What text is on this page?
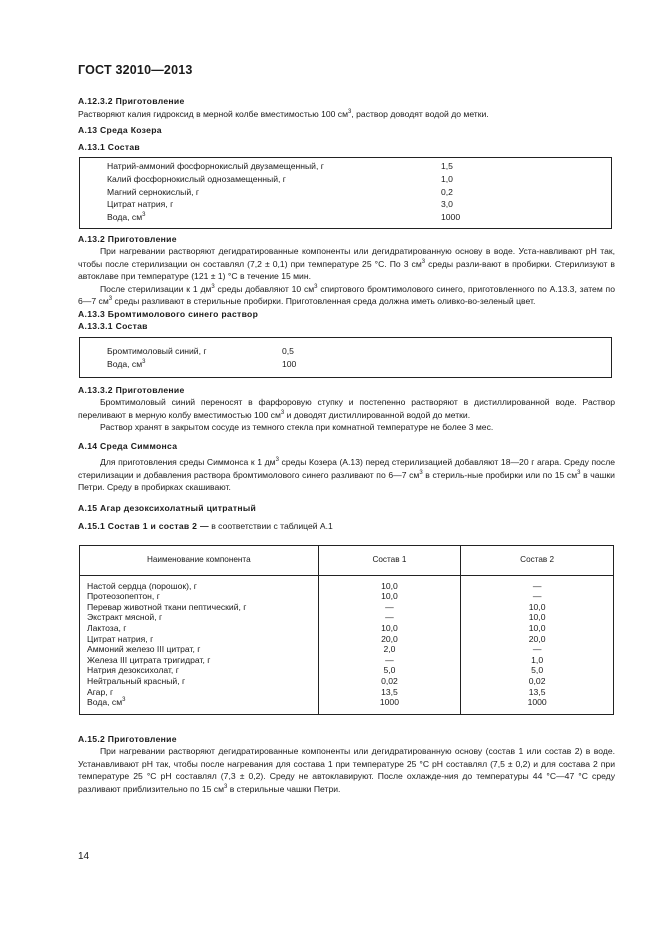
ГОСТ 32010—2013
А.12.3.2 Приготовление
Растворяют калия гидроксид в мерной колбе вместимостью 100 $см^3$, раствор доводят водой до метки.
А.13 Среда Козера
А.13.1 Состав
Натрий-аммоний фосфорнокислый двузамещенный, г	1,5
Калий фосфорнокислый однозамещенный, г	1,0
Магний сернокислый, г	0,2
Цитрат натрия, г	3,0
Вода, $см^3$	1000
А.13.2 Приготовление
При нагревании растворяют дегидратированные компоненты или дегидратированную основу в воде. Уста-навливают pH так, чтобы после стерилизации он составлял (7,2 ± 0,1) при температуре 25 °С. По 3 $см^3$ среды разли-вают в пробирки. Стерилизуют в автоклаве при температуре (121 ± 1) °С в течение 15 мин.
После стерилизации к 1 $дм^3$ среды добавляют 10 $см^3$ спиртового бромтимолового синего, приготовленного по А.13.3, затем по 6—7 $см^3$ среды разливают в стерильные пробирки. Приготовленная среда должна иметь оливко-во-зеленый цвет.
А.13.3 Бромтимолового синего раствор
А.13.3.1 Состав
Бромтимоловый синий, г	0,5
Вода, $см^3$	100
А.13.3.2 Приготовление
Бромтимоловый синий переносят в фарфоровую ступку и постепенно растворяют в дистиллированной воде. Раствор переливают в мерную колбу вместимостью 100 $см^3$ и доводят дистиллированной водой до метки.
Раствор хранят в закрытом сосуде из темного стекла при комнатной температуре не более 3 мес.
А.14 Среда Симмонса
Для приготовления среды Симмонса к 1 $дм^3$ среды Козера (А.13) перед стерилизацией добавляют 18—20 г агара. Среду после стерилизации и добавления раствора бромтимолового синего разливают по 6—7 $см^3$ в стериль-ные пробирки или по 15 $см^3$ в чашки Петри. Среду в пробирках скашивают.
А.15 Агар дезоксихолатный цитратный
А.15.1 Состав 1 и состав 2 — в соответствии с таблицей А.1
Наименование компонента	Состав 1	Состав 2
Настой сердца (порошок), г	10,0	—
Протеозопептон, г	10,0	—
Перевар животной ткани пептический, г	—	10,0
Экстракт мясной, г	—	10,0
Лактоза, г	10,0	10,0
Цитрат натрия, г	20,0	20,0
Аммоний железо III цитрат, г	2,0	—
Железа III цитрата тригидрат, г	—	1,0
Натрия дезоксихолат, г	5,0	5,0
Нейтральный красный, г	0,02	0,02
Агар, г	13,5	13,5
Вода, $см^3$	1000	1000
А.15.2 Приготовление
При нагревании растворяют дегидратированные компоненты или дегидратированную основу (состав 1 или состав 2) в воде. Устанавливают pH так, чтобы после нагревания для состава 1 при температуре 25 °С pH составлял (7,5 ± 0,2) и для состава 2 при температуре 25 °С pH составлял (7,3 ± 0,2). Среду не автоклавируют. После охлажде-ния до температуры 44 °С—47 °С среду разливают приблизительно по 15 $см^3$ в стерильные чашки Петри.
14
